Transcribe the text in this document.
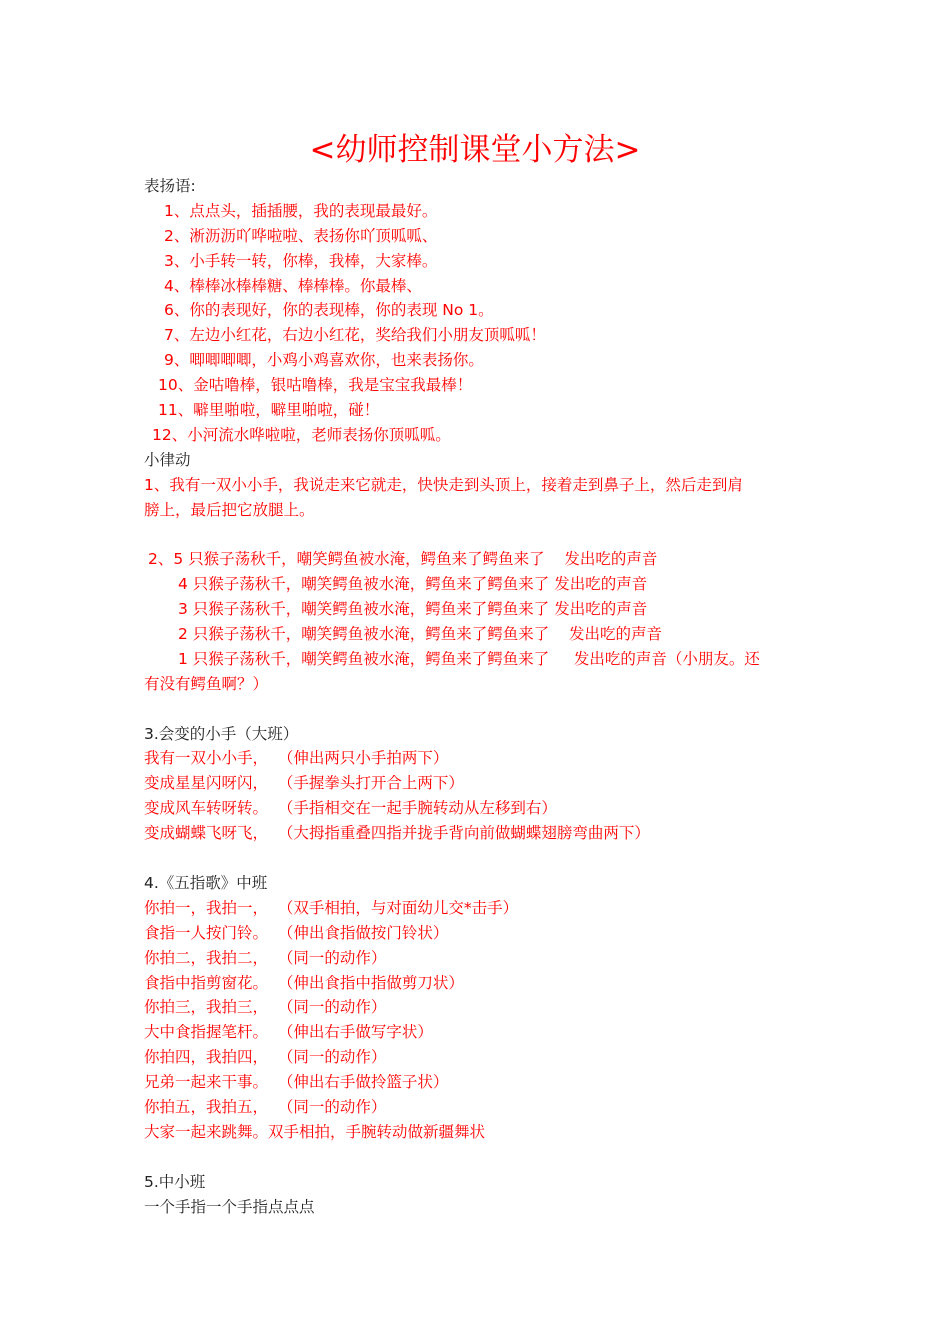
<幼师控制课堂小方法>
表扬语:
1、点点头，插插腰，我的表现最最好。
2、淅沥沥吖哗啦啦、表扬你吖顶呱呱、
3、小手转一转，你棒，我棒，大家棒。
4、棒棒冰棒棒糖、棒棒棒。你最棒、
6、你的表现好，你的表现棒，你的表现 No 1。
7、左边小红花，右边小红花，奖给我们小朋友顶呱呱！
9、唧唧唧唧，小鸡小鸡喜欢你，也来表扬你。
10、金咕噜棒，银咕噜棒，我是宝宝我最棒！
11、噼里啪啦，噼里啪啦，碰！
12、小河流水哗啦啦，老师表扬你顶呱呱。
小律动
1、我有一双小小手，我说走来它就走，快快走到头顶上，接着走到鼻子上，然后走到肩
膀上，最后把它放腿上。
2、5 只猴子荡秋千，嘲笑鳄鱼被水淹，鳄鱼来了鳄鱼来了    发出吃的声音
4 只猴子荡秋千，嘲笑鳄鱼被水淹，鳄鱼来了鳄鱼来了 发出吃的声音
3 只猴子荡秋千，嘲笑鳄鱼被水淹，鳄鱼来了鳄鱼来了 发出吃的声音
2 只猴子荡秋千，嘲笑鳄鱼被水淹，鳄鱼来了鳄鱼来了    发出吃的声音
1 只猴子荡秋千，嘲笑鳄鱼被水淹，鳄鱼来了鳄鱼来了     发出吃的声音（小朋友。还
有没有鳄鱼啊？）
3.会变的小手（大班）
我有一双小小手，  （伸出两只小手拍两下）
变成星星闪呀闪，  （手握拳头打开合上两下）
变成风车转呀转。  （手指相交在一起手腕转动从左移到右）
变成蝴蝶飞呀飞，  （大拇指重叠四指并拢手背向前做蝴蝶翅膀弯曲两下）
4.《五指歌》中班
你拍一，我拍一，  （双手相拍，与对面幼儿交*击手）
食指一人按门铃。  （伸出食指做按门铃状）
你拍二，我拍二，  （同一的动作）
食指中指剪窗花。  （伸出食指中指做剪刀状）
你拍三，我拍三，  （同一的动作）
大中食指握笔杆。  （伸出右手做写字状）
你拍四，我拍四，  （同一的动作）
兄弟一起来干事。  （伸出右手做拎篮子状）
你拍五，我拍五，  （同一的动作）
大家一起来跳舞。双手相拍，手腕转动做新疆舞状
5.中小班
一个手指一个手指点点点
